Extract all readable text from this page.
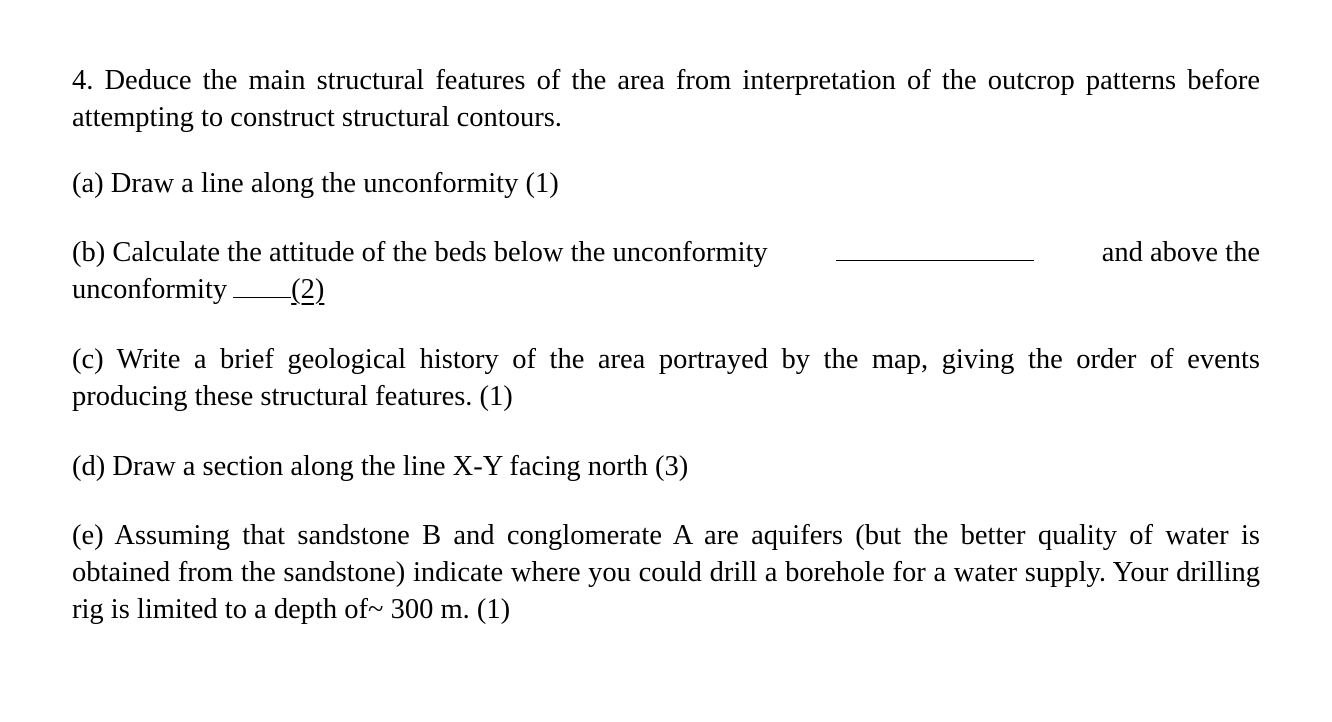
4. Deduce the main structural features of the area from interpretation of the outcrop patterns before attempting to construct structural contours.

(a) Draw a line along the unconformity (1)

(b) Calculate the attitude of the beds below the unconformity	and above the
unconformity (2)

(c) Write a brief geological history of the area portrayed by the map, giving the order of events producing these structural features. (1)

(d) Draw a section along the line X-Y facing north (3)

(e) Assuming that sandstone B and conglomerate A are aquifers (but the better quality of water is obtained from the sandstone) indicate where you could drill a borehole for a water supply. Your drilling rig is limited to a depth of~ 300 m. (1)
